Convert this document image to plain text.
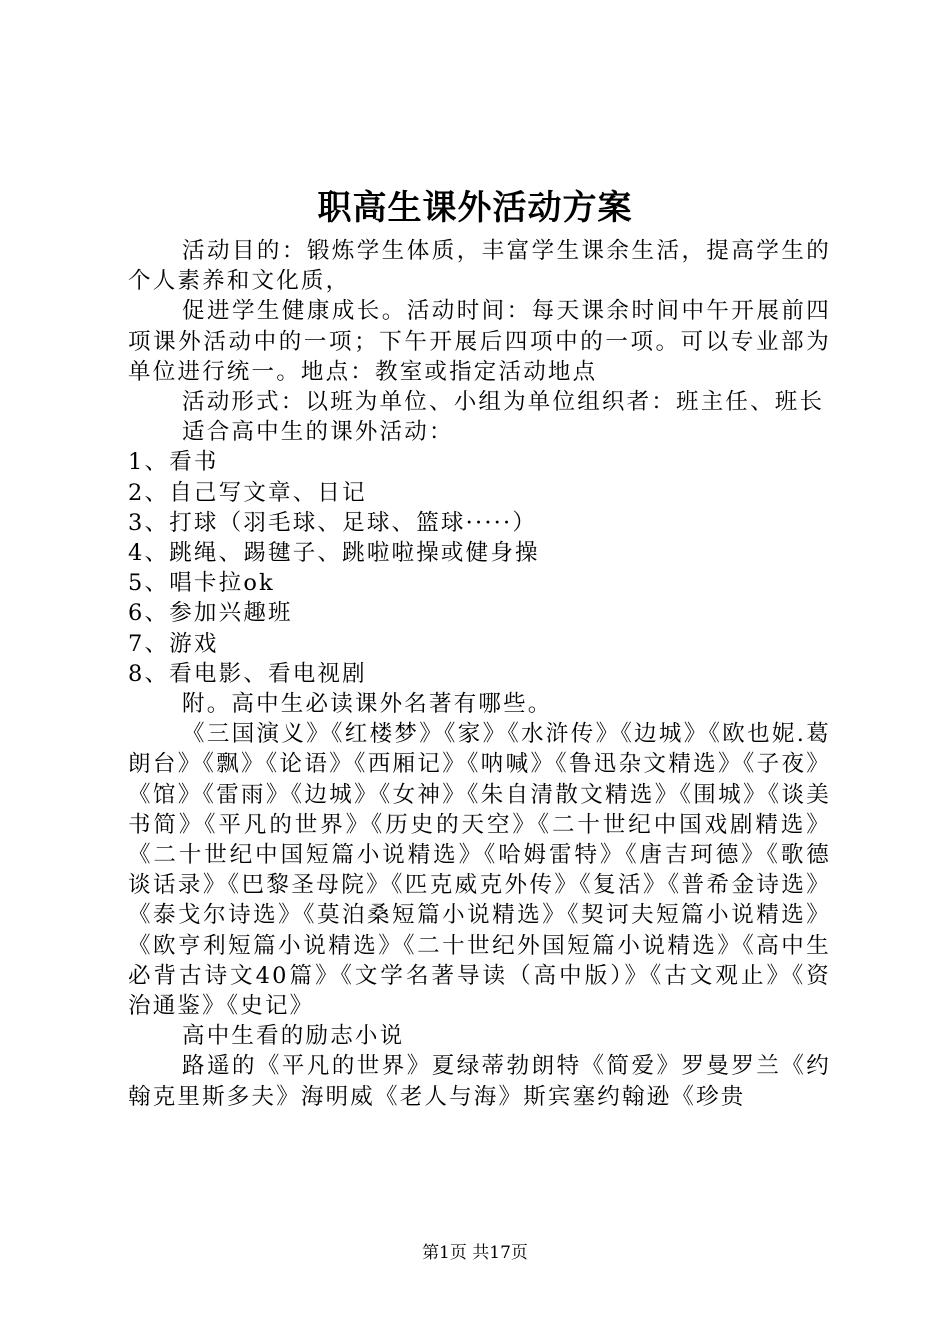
职高生课外活动方案

活动目的：锻炼学生体质，丰富学生课余生活，提高学生的个人素养和文化质，

促进学生健康成长。活动时间：每天课余时间中午开展前四项课外活动中的一项；下午开展后四项中的一项。可以专业部为单位进行统一。地点：教室或指定活动地点

活动形式：以班为单位、小组为单位组织者：班主任、班长

适合高中生的课外活动：

1、看书

2、自己写文章、日记

3、打球（羽毛球、足球、篮球·····）

4、跳绳、踢毽子、跳啦啦操或健身操

5、唱卡拉ok

6、参加兴趣班

7、游戏

8、看电影、看电视剧

附。高中生必读课外名著有哪些。

《三国演义》《红楼梦》《家》《水浒传》《边城》《欧也妮.葛朗台》《飘》《论语》《西厢记》《呐喊》《鲁迅杂文精选》《子夜》《馆》《雷雨》《边城》《女神》《朱自清散文精选》《围城》《谈美书简》《平凡的世界》《历史的天空》《二十世纪中国戏剧精选》《二十世纪中国短篇小说精选》《哈姆雷特》《唐吉珂德》《歌德谈话录》《巴黎圣母院》《匹克威克外传》《复活》《普希金诗选》《泰戈尔诗选》《莫泊桑短篇小说精选》《契诃夫短篇小说精选》《欧亨利短篇小说精选》《二十世纪外国短篇小说精选》《高中生必背古诗文40篇》《文学名著导读（高中版）》《古文观止》《资治通鉴》《史记》

高中生看的励志小说

路遥的《平凡的世界》夏绿蒂勃朗特《简爱》罗曼罗兰《约翰克里斯多夫》海明威《老人与海》斯宾塞约翰逊《珍贵

第1页 共17页
